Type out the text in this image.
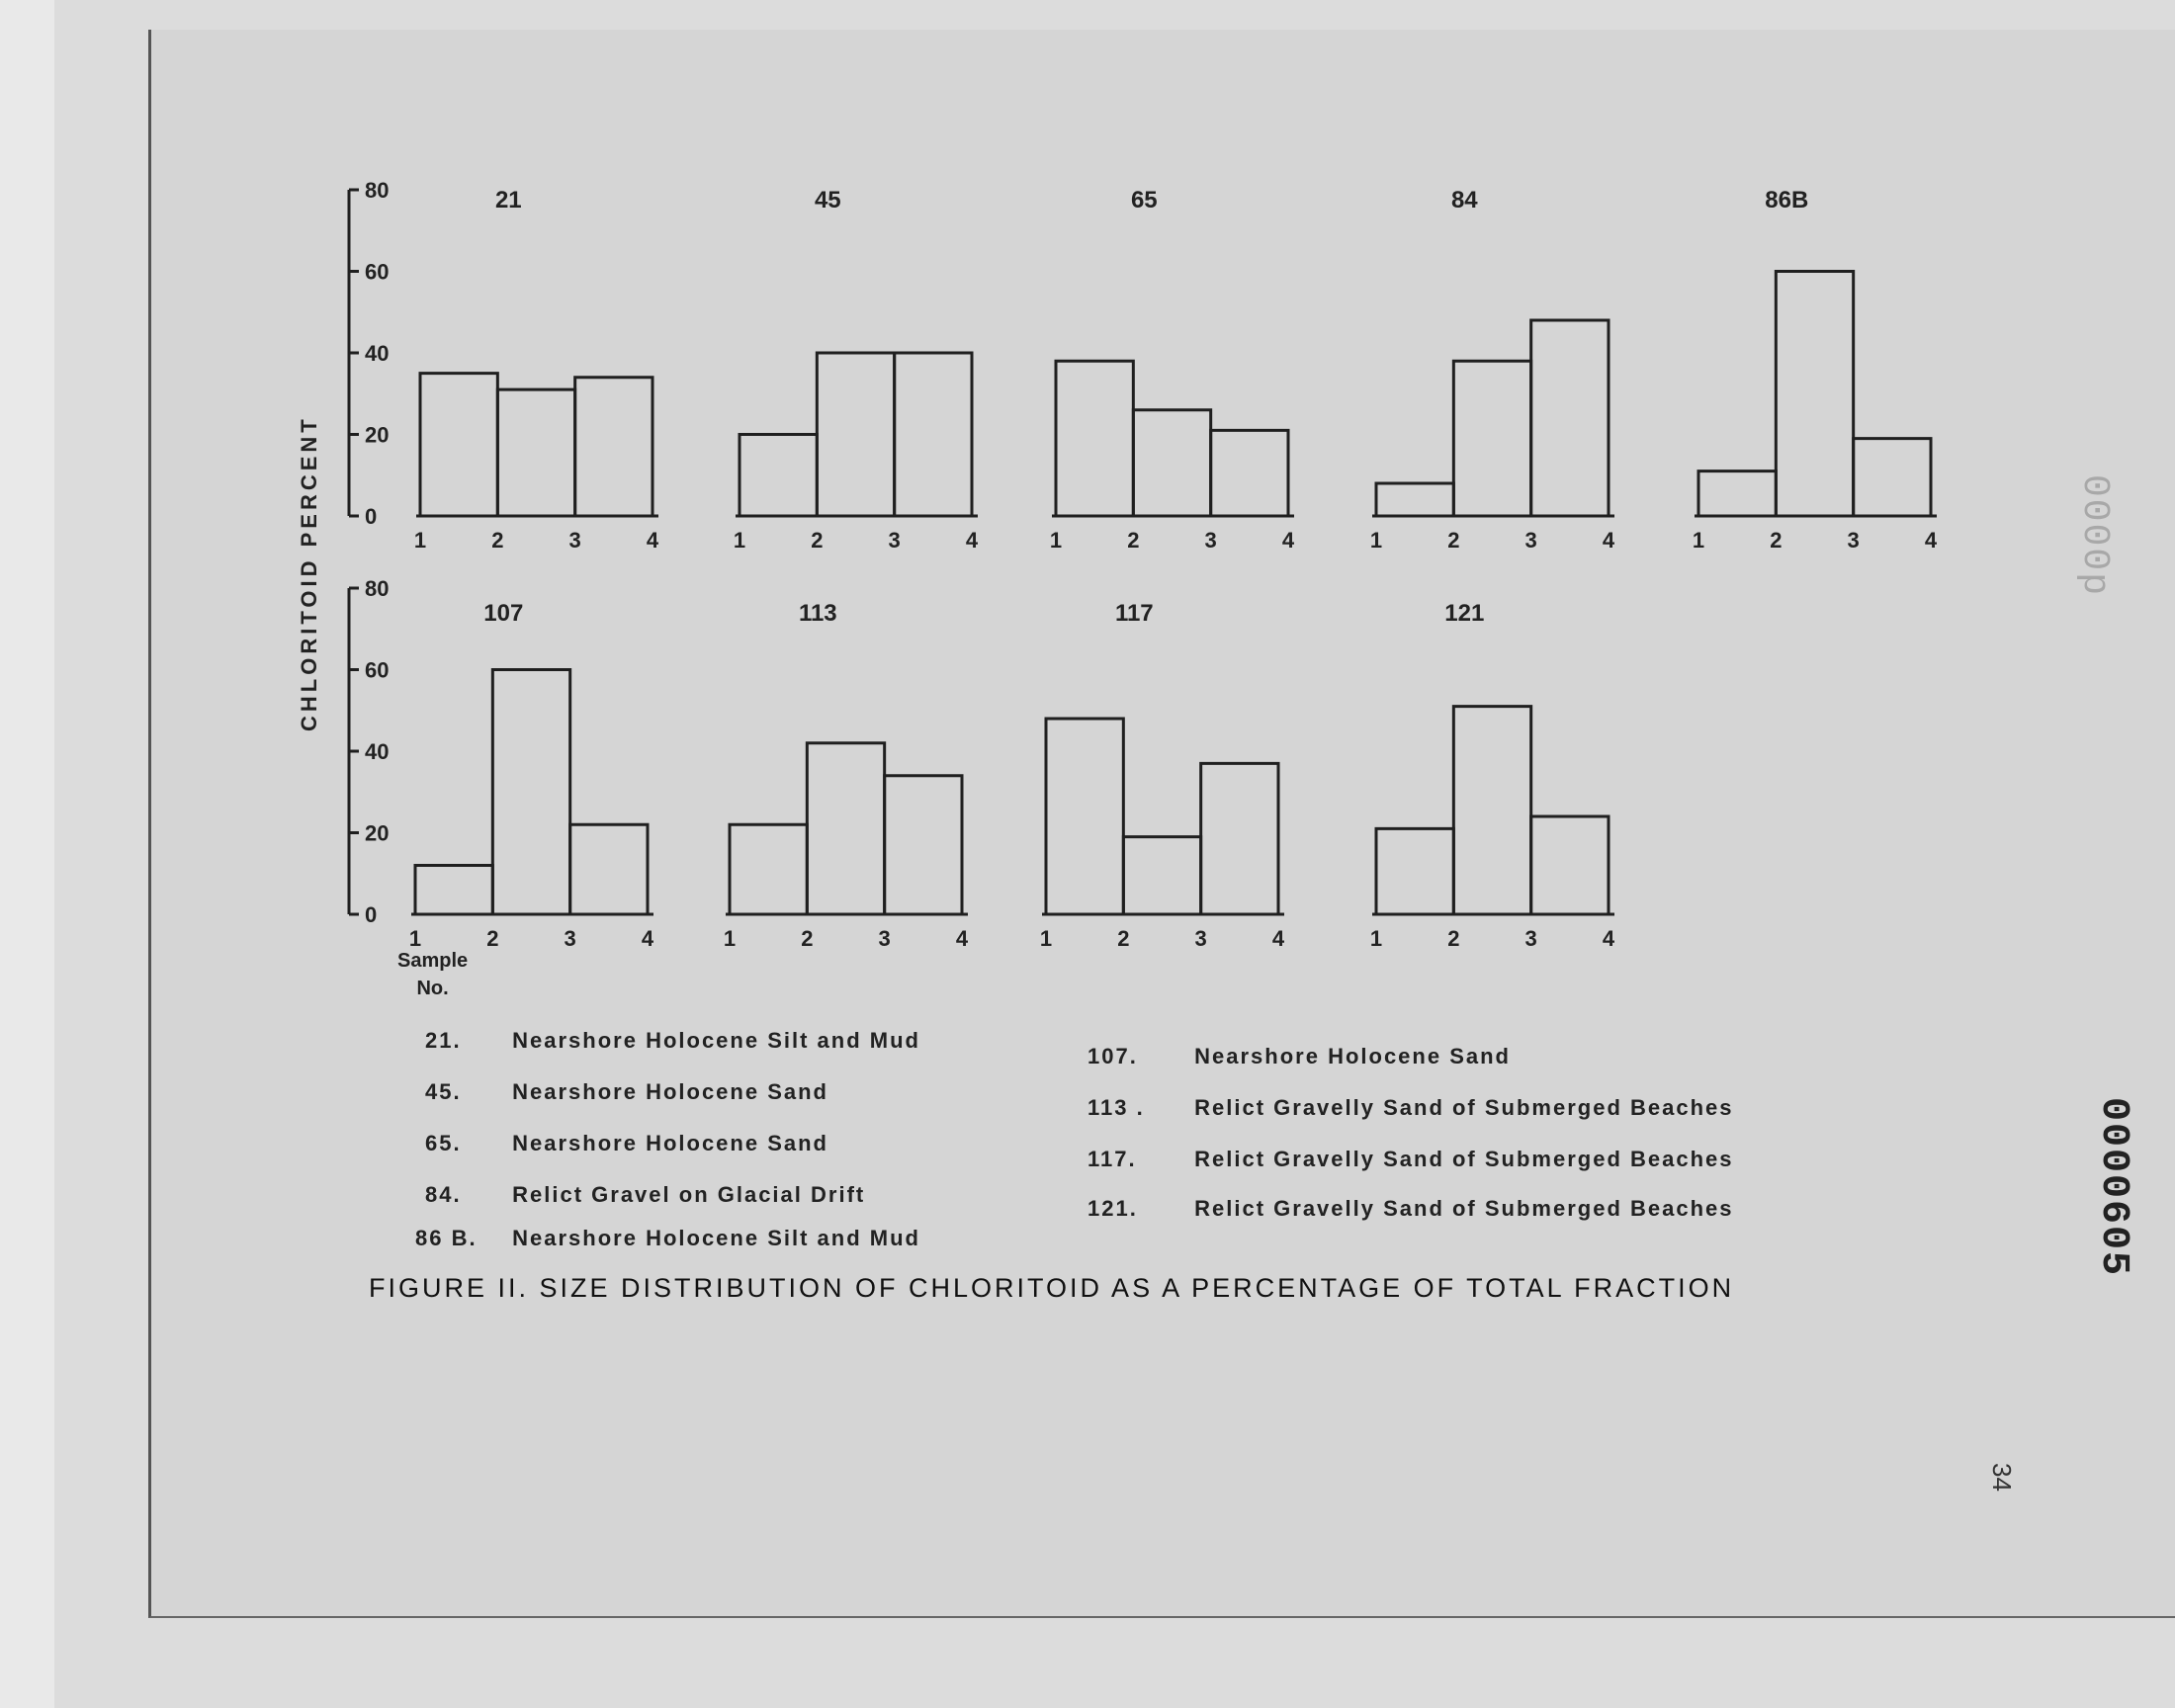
0
20
40
60
80
0
20
40
60
80
21
1	2	3	4
45
1	2	3	4
65
1	2	3	4
84
1	2	3	4
86B
1	2	3	4
107
1	2	3	4
113
1	2	3	4
117
1	2	3	4
121
1	2	3	4
CHLORITOID PERCENT
Sample
No.
21. Nearshore Holocene Silt and Mud
45. Nearshore Holocene Sand
65. Nearshore Holocene Sand
84. Relict Gravel on Glacial Drift
86 B. Nearshore Holocene Silt and Mud
107.	Nearshore Holocene Sand
113 . Relict Gravelly Sand of Submerged Beaches
117.	Relict Gravelly Sand of Submerged Beaches
121.	Relict Gravelly Sand of Submerged Beaches
FIGURE II. SIZE DISTRIBUTION OF CHLORITOID AS A PERCENTAGE OF TOTAL FRACTION
34
0000605
0000p
